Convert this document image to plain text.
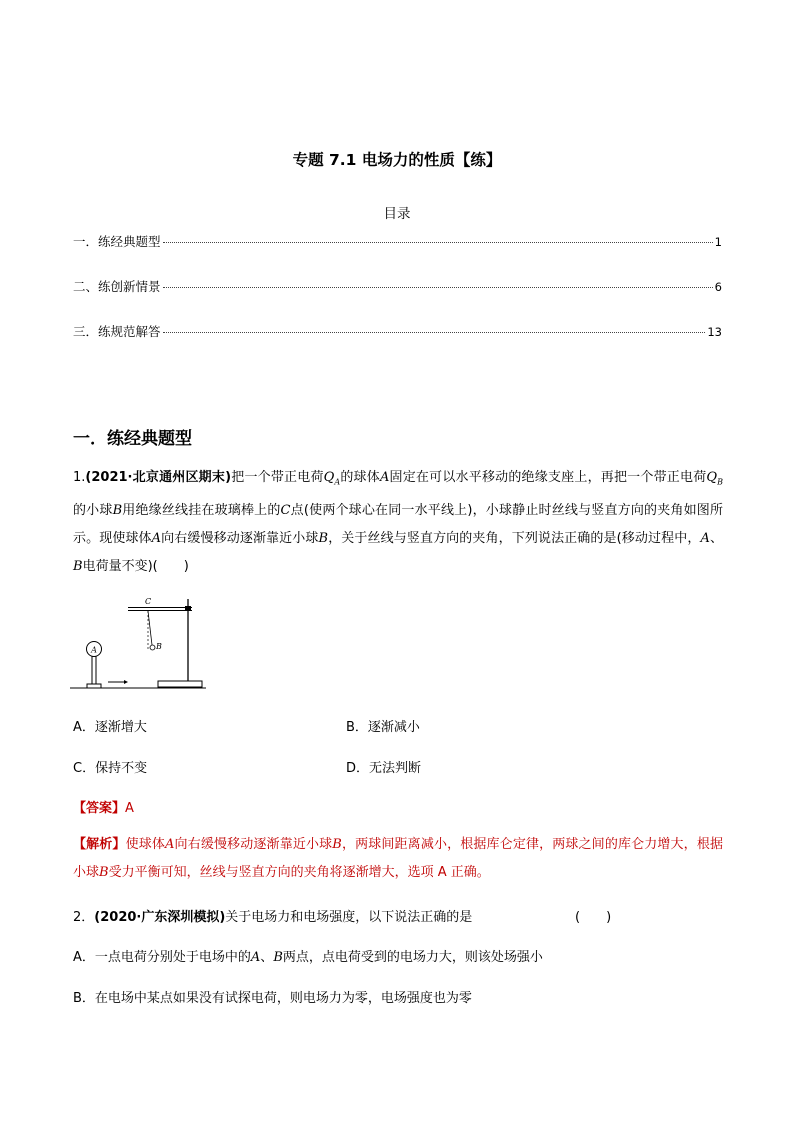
专题 7.1 电场力的性质【练】
目录
一．练经典题型	1
二、练创新情景	6
三．练规范解答	13
一．练经典题型
1.(2021·北京通州区期末)把一个带正电荷$Q_A$的球体A固定在可以水平移动的绝缘支座上，再把一个带正电荷$Q_B$的小球B用绝缘丝线挂在玻璃棒上的C点(使两个球心在同一水平线上)，小球静止时丝线与竖直方向的夹角如图所示。现使球体A向右缓慢移动逐渐靠近小球B，关于丝线与竖直方向的夹角，下列说法正确的是(移动过程中，A、B电荷量不变)(　　)
A
C
B
A．逐渐增大	B．逐渐减小
C．保持不变	D．无法判断
【答案】A
【解析】使球体A向右缓慢移动逐渐靠近小球B，两球间距离减小，根据库仑定律，两球之间的库仑力增大，根据小球B受力平衡可知，丝线与竖直方向的夹角将逐渐增大，选项 A 正确。
2．(2020·广东深圳模拟)关于电场力和电场强度，以下说法正确的是	(　　)
A．一点电荷分别处于电场中的A、B两点，点电荷受到的电场力大，则该处场强小
B．在电场中某点如果没有试探电荷，则电场力为零，电场强度也为零
